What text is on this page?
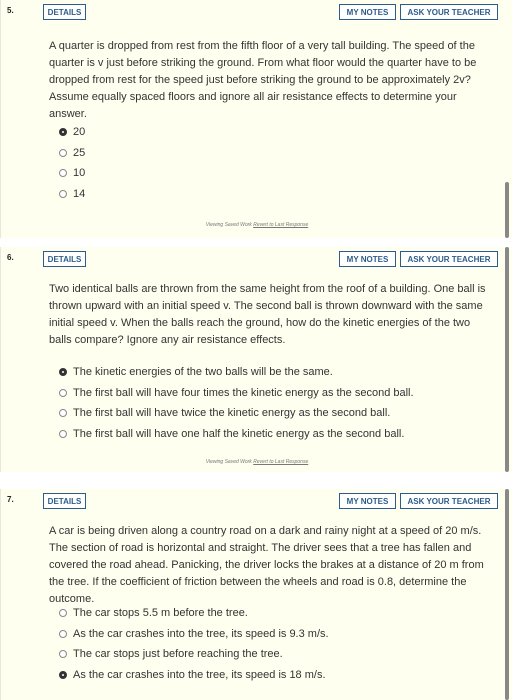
5.	DETAILS	MY NOTES	ASK YOUR TEACHER
A quarter is dropped from rest from the fifth floor of a very tall building. The speed of the quarter is v just before striking the ground. From what floor would the quarter have to be dropped from rest for the speed just before striking the ground to be approximately 2v? Assume equally spaced floors and ignore all air resistance effects to determine your answer.
20
25
10
14
Viewing Saved Work Revert to Last Response
6.	DETAILS	MY NOTES	ASK YOUR TEACHER
Two identical balls are thrown from the same height from the roof of a building. One ball is thrown upward with an initial speed v. The second ball is thrown downward with the same initial speed v. When the balls reach the ground, how do the kinetic energies of the two balls compare? Ignore any air resistance effects.
The kinetic energies of the two balls will be the same.
The first ball will have four times the kinetic energy as the second ball.
The first ball will have twice the kinetic energy as the second ball.
The first ball will have one half the kinetic energy as the second ball.
Viewing Saved Work Revert to Last Response
7.	DETAILS	MY NOTES	ASK YOUR TEACHER
A car is being driven along a country road on a dark and rainy night at a speed of 20 m/s. The section of road is horizontal and straight. The driver sees that a tree has fallen and covered the road ahead. Panicking, the driver locks the brakes at a distance of 20 m from the tree. If the coefficient of friction between the wheels and road is 0.8, determine the outcome.
The car stops 5.5 m before the tree.
As the car crashes into the tree, its speed is 9.3 m/s.
The car stops just before reaching the tree.
As the car crashes into the tree, its speed is 18 m/s.
